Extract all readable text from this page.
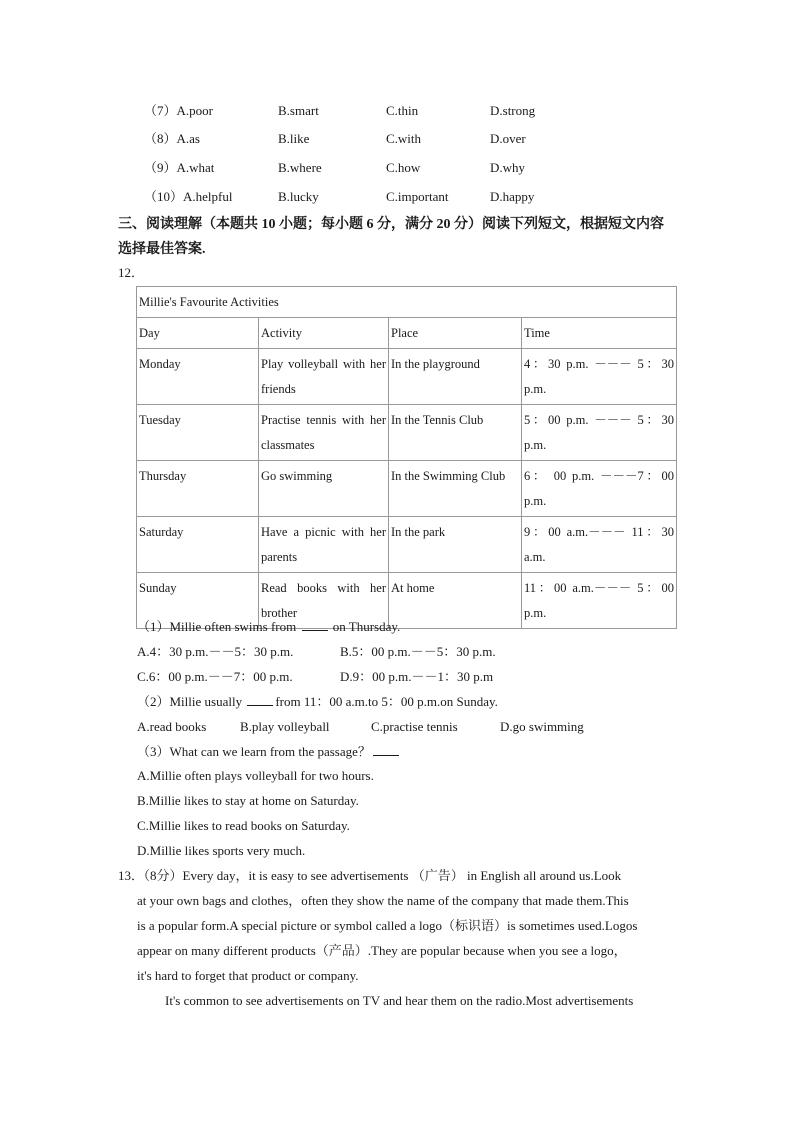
（7）A.poor	B.smart	C.thin	D.strong
（8）A.as	B.like	C.with	D.over
（9）A.what	B.where	C.how	D.why
（10）A.helpful	B.lucky	C.important	D.happy
三、阅读理解（本题共 10 小题；每小题 6 分，满分 20 分）阅读下列短文，根据短文内容
选择最佳答案.
12．
Millie's Favourite Activities			
Day	Activity	Place	Time
Monday	Play volleyball with her friends	In the playground	4：30 p.m. －－－ 5：30 p.m.
Tuesday	Practise tennis with her classmates	In the Tennis Club	5：00 p.m. －－－ 5：30 p.m.
Thursday	Go swimming	In the Swimming Club	6： 00 p.m. －－－7：00 p.m.
Saturday	Have a picnic with her parents	In the park	9：00 a.m.－－－ 11：30 a.m.
Sunday	Read books with her brother	At home	11：00 a.m.－－－ 5：00 p.m.
（1）Millie often swims from  on Thursday.
A.4：30 p.m.－－5：30 p.m.	B.5：00 p.m.－－5：30 p.m.
C.6：00 p.m.－－7：00 p.m.	D.9：00 p.m.－－1：30 p.m
（2）Millie usually from 11：00 a.m.to 5：00 p.m.on Sunday.
A.read books	B.play volleyball	C.practise tennis	D.go swimming
（3）What can we learn from the passage？
A.Millie often plays volleyball for two hours.
B.Millie likes to stay at home on Saturday.
C.Millie likes to read books on Saturday.
D.Millie likes sports very much.
13．
（8分）Every day，it is easy to see advertisements （广告） in English all around us.Look
at your own bags and clothes，often they show the name of the company that made them.This
is a popular form.A special picture or symbol called a logo（标识语）is sometimes used.Logos
appear on many different products（产品）.They are popular because when you see a logo，
it's hard to forget that product or company.
It's common to see advertisements on TV and hear them on the radio.Most advertisements
